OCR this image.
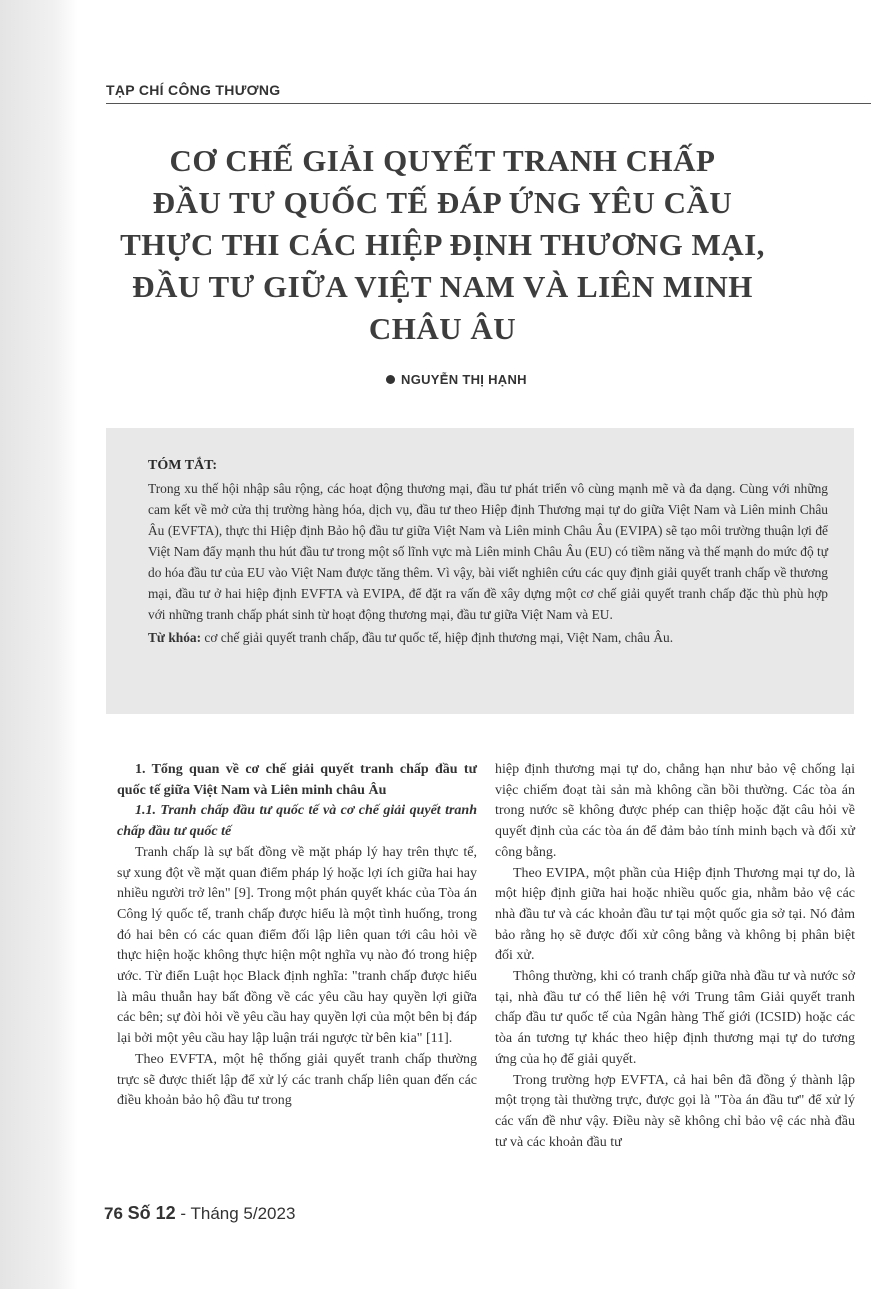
TẠP CHÍ CÔNG THƯƠNG
CƠ CHẾ GIẢI QUYẾT TRANH CHẤP
ĐẦU TƯ QUỐC TẾ ĐÁP ỨNG YÊU CẦU
THỰC THI CÁC HIỆP ĐỊNH THƯƠNG MẠI,
ĐẦU TƯ GIỮA VIỆT NAM VÀ LIÊN MINH
CHÂU ÂU
NGUYỄN THỊ HẠNH
TÓM TẮT:

Trong xu thế hội nhập sâu rộng, các hoạt động thương mại, đầu tư phát triển vô cùng mạnh mẽ và đa dạng. Cùng với những cam kết về mở cửa thị trường hàng hóa, dịch vụ, đầu tư theo Hiệp định Thương mại tự do giữa Việt Nam và Liên minh Châu Âu (EVFTA), thực thi Hiệp định Bảo hộ đầu tư giữa Việt Nam và Liên minh Châu Âu (EVIPA) sẽ tạo môi trường thuận lợi để Việt Nam đẩy mạnh thu hút đầu tư trong một số lĩnh vực mà Liên minh Châu Âu (EU) có tiềm năng và thế mạnh do mức độ tự do hóa đầu tư của EU vào Việt Nam được tăng thêm. Vì vậy, bài viết nghiên cứu các quy định giải quyết tranh chấp về thương mại, đầu tư ở hai hiệp định EVFTA và EVIPA, để đặt ra vấn đề xây dựng một cơ chế giải quyết tranh chấp đặc thù phù hợp với những tranh chấp phát sinh từ hoạt động thương mại, đầu tư giữa Việt Nam và EU.

Từ khóa: cơ chế giải quyết tranh chấp, đầu tư quốc tế, hiệp định thương mại, Việt Nam, châu Âu.

1. Tổng quan về cơ chế giải quyết tranh chấp đầu tư quốc tế giữa Việt Nam và Liên minh châu Âu

1.1. Tranh chấp đầu tư quốc tế và cơ chế giải quyết tranh chấp đầu tư quốc tế

Tranh chấp là sự bất đồng về mặt pháp lý hay trên thực tế, sự xung đột về mặt quan điểm pháp lý hoặc lợi ích giữa hai hay nhiều người trở lên" [9]. Trong một phán quyết khác của Tòa án Công lý quốc tế, tranh chấp được hiểu là một tình huống, trong đó hai bên có các quan điểm đối lập liên quan tới câu hỏi về thực hiện hoặc không thực hiện một nghĩa vụ nào đó trong hiệp ước. Từ điển Luật học Black định nghĩa: "tranh chấp được hiểu là mâu thuẫn hay bất đồng về các yêu cầu hay quyền lợi giữa các bên; sự đòi hỏi về yêu cầu hay quyền lợi của một bên bị đáp lại bởi một yêu cầu hay lập luận trái ngược từ bên kia" [11].

Theo EVFTA, một hệ thống giải quyết tranh chấp thường trực sẽ được thiết lập để xử lý các tranh chấp liên quan đến các điều khoản bảo hộ đầu tư trong

hiệp định thương mại tự do, chẳng hạn như bảo vệ chống lại việc chiếm đoạt tài sản mà không cần bồi thường. Các tòa án trong nước sẽ không được phép can thiệp hoặc đặt câu hỏi về quyết định của các tòa án để đảm bảo tính minh bạch và đối xử công bằng.

Theo EVIPA, một phần của Hiệp định Thương mại tự do, là một hiệp định giữa hai hoặc nhiều quốc gia, nhằm bảo vệ các nhà đầu tư và các khoản đầu tư tại một quốc gia sở tại. Nó đảm bảo rằng họ sẽ được đối xử công bằng và không bị phân biệt đối xử.

Thông thường, khi có tranh chấp giữa nhà đầu tư và nước sở tại, nhà đầu tư có thể liên hệ với Trung tâm Giải quyết tranh chấp đầu tư quốc tế của Ngân hàng Thế giới (ICSID) hoặc các tòa án tương tự khác theo hiệp định thương mại tự do tương ứng của họ để giải quyết.

Trong trường hợp EVFTA, cả hai bên đã đồng ý thành lập một trọng tài thường trực, được gọi là "Tòa án đầu tư" để xử lý các vấn đề như vậy. Điều này sẽ không chỉ bảo vệ các nhà đầu tư và các khoản đầu tư

76 Số 12 - Tháng 5/2023
